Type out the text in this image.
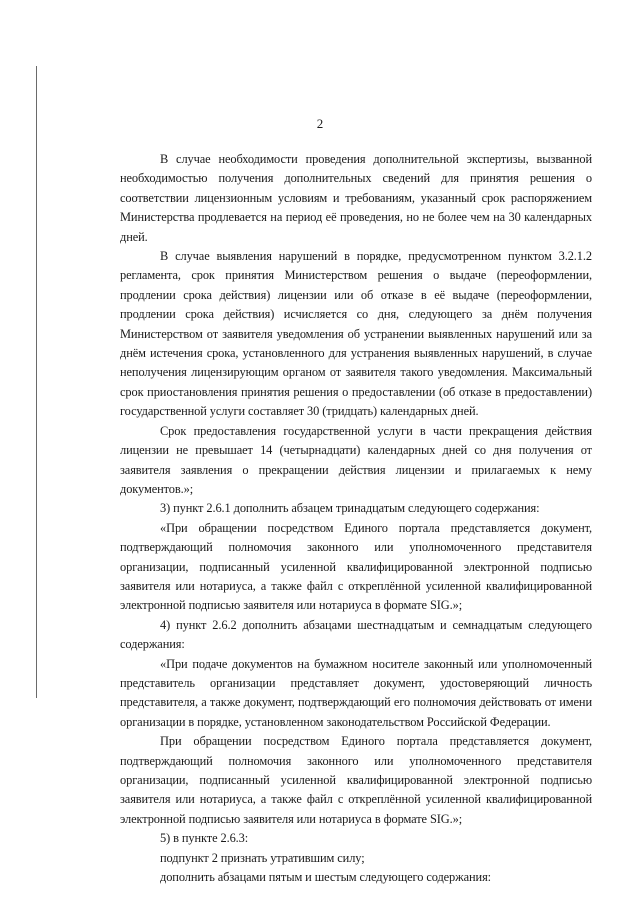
2

В случае необходимости проведения дополнительной экспертизы, вызванной необходимостью получения дополнительных сведений для принятия решения о соответствии лицензионным условиям и требованиям, указанный срок распоряжением Министерства продлевается на период её проведения, но не более чем на 30 календарных дней.

В случае выявления нарушений в порядке, предусмотренном пунктом 3.2.1.2 регламента, срок принятия Министерством решения о выдаче (переоформлении, продлении срока действия) лицензии или об отказе в её выдаче (переоформлении, продлении срока действия) исчисляется со дня, следующего за днём получения Министерством от заявителя уведомления об устранении выявленных нарушений или за днём истечения срока, установленного для устранения выявленных нарушений, в случае неполучения лицензирующим органом от заявителя такого уведомления. Максимальный срок приостановления принятия решения о предоставлении (об отказе в предоставлении) государственной услуги составляет 30 (тридцать) календарных дней.

Срок предоставления государственной услуги в части прекращения действия лицензии не превышает 14 (четырнадцати) календарных дней со дня получения от заявителя заявления о прекращении действия лицензии и прилагаемых к нему документов.»;

3) пункт 2.6.1 дополнить абзацем тринадцатым следующего содержания:

«При обращении посредством Единого портала представляется документ, подтверждающий полномочия законного или уполномоченного представителя организации, подписанный усиленной квалифицированной электронной подписью заявителя или нотариуса, а также файл с откреплённой усиленной квалифицированной электронной подписью заявителя или нотариуса в формате SIG.»;

4) пункт 2.6.2 дополнить абзацами шестнадцатым и семнадцатым следующего содержания:

«При подаче документов на бумажном носителе законный или уполномоченный представитель организации представляет документ, удостоверяющий личность представителя, а также документ, подтверждающий его полномочия действовать от имени организации в порядке, установленном законодательством Российской Федерации.

При обращении посредством Единого портала представляется документ, подтверждающий полномочия законного или уполномоченного представителя организации, подписанный усиленной квалифицированной электронной подписью заявителя или нотариуса, а также файл с откреплённой усиленной квалифицированной электронной подписью заявителя или нотариуса в формате SIG.»;

5) в пункте 2.6.3:

подпункт 2 признать утратившим силу;

дополнить абзацами пятым и шестым следующего содержания:
